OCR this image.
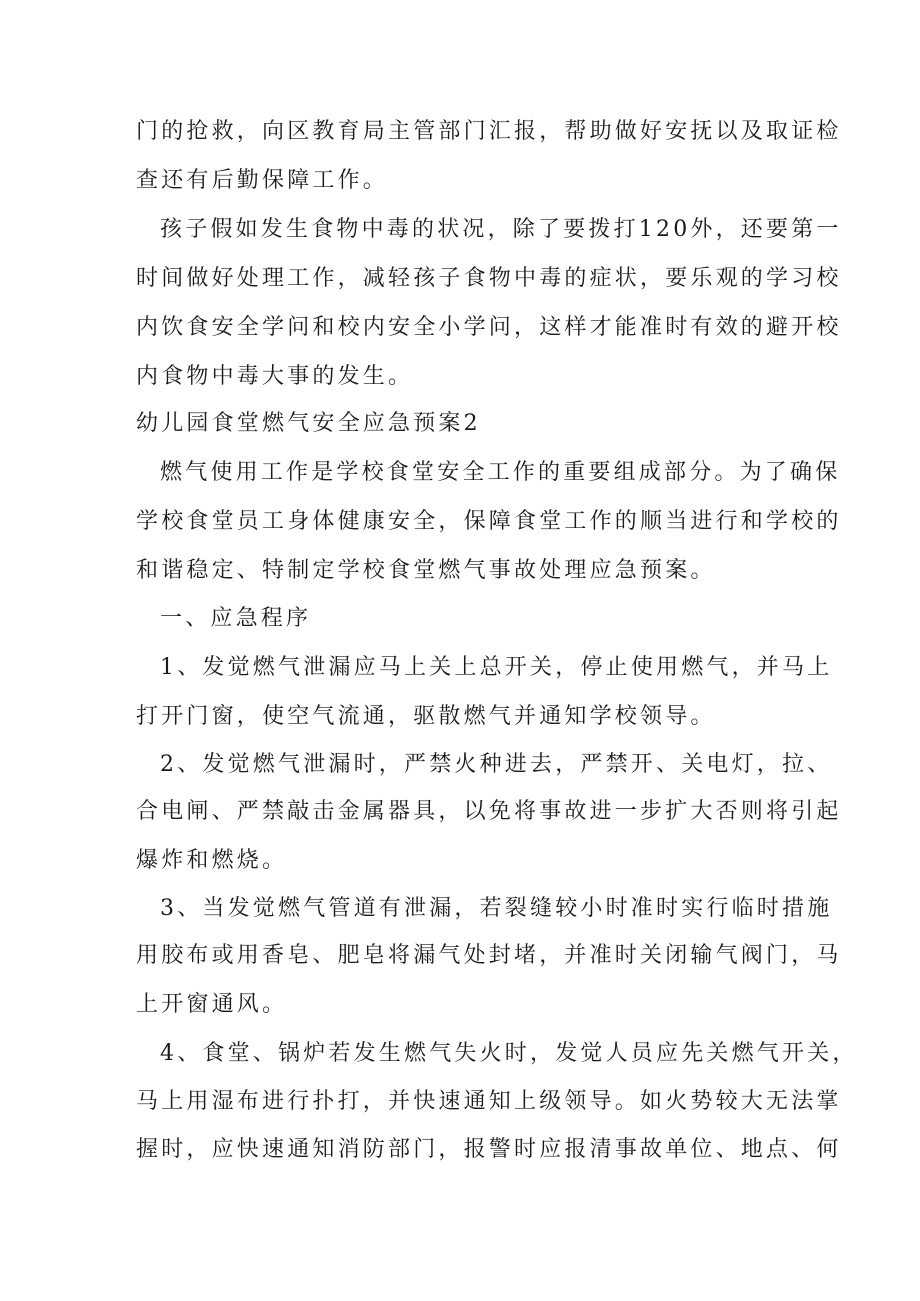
门的抢救，向区教育局主管部门汇报，帮助做好安抚以及取证检
查还有后勤保障工作。
孩子假如发生食物中毒的状况，除了要拨打120外，还要第一
时间做好处理工作，减轻孩子食物中毒的症状，要乐观的学习校
内饮食安全学问和校内安全小学问，这样才能准时有效的避开校
内食物中毒大事的发生。
幼儿园食堂燃气安全应急预案2
燃气使用工作是学校食堂安全工作的重要组成部分。为了确保
学校食堂员工身体健康安全，保障食堂工作的顺当进行和学校的
和谐稳定、特制定学校食堂燃气事故处理应急预案。
一、应急程序
1、发觉燃气泄漏应马上关上总开关，停止使用燃气，并马上
打开门窗，使空气流通，驱散燃气并通知学校领导。
2、发觉燃气泄漏时，严禁火种进去，严禁开、关电灯，拉、
合电闸、严禁敲击金属器具，以免将事故进一步扩大否则将引起
爆炸和燃烧。
3、当发觉燃气管道有泄漏，若裂缝较小时准时实行临时措施
用胶布或用香皂、肥皂将漏气处封堵，并准时关闭输气阀门，马
上开窗通风。
4、食堂、锅炉若发生燃气失火时，发觉人员应先关燃气开关，
马上用湿布进行扑打，并快速通知上级领导。如火势较大无法掌
握时，应快速通知消防部门，报警时应报清事故单位、地点、何
